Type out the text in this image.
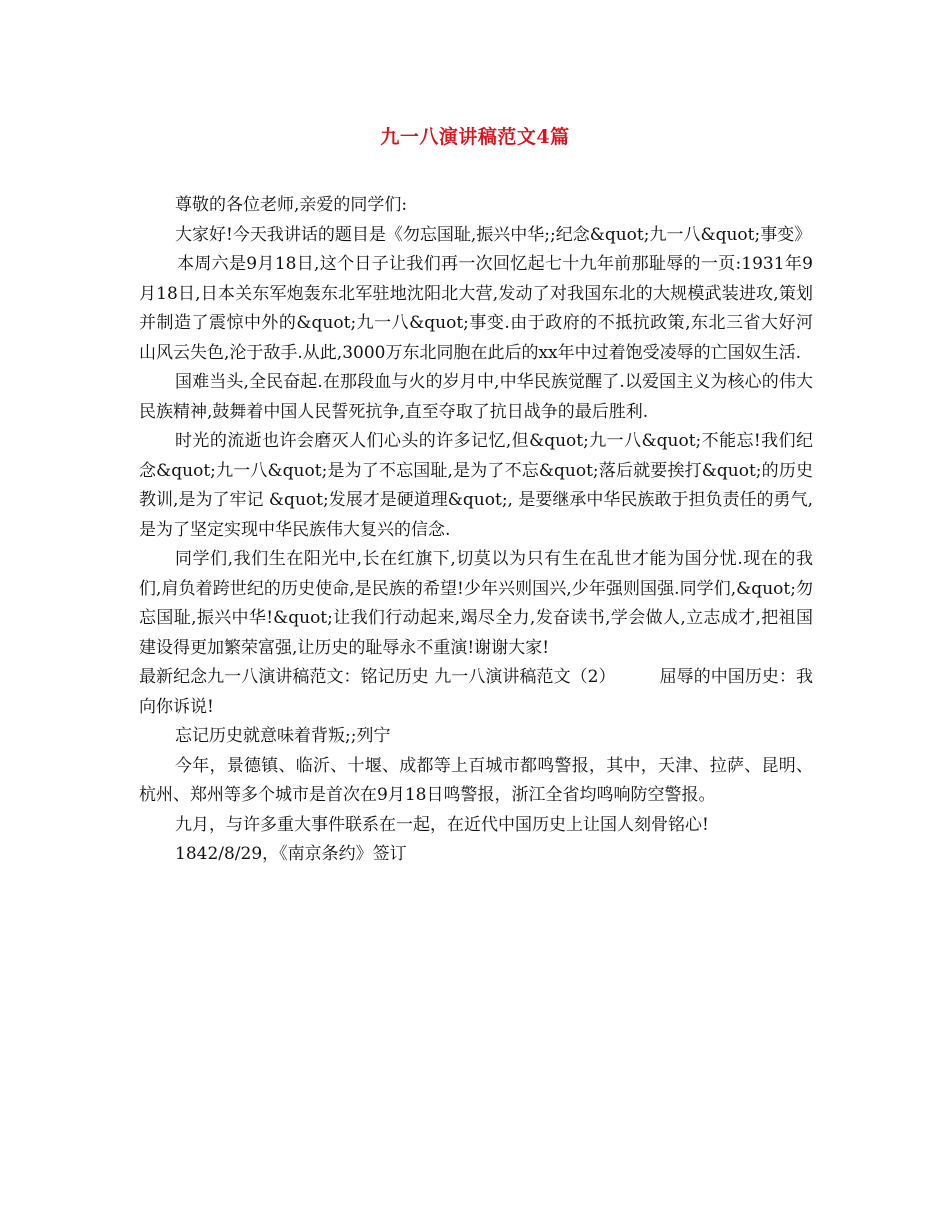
九一八演讲稿范文4篇

尊敬的各位老师,亲爱的同学们:

大家好!今天我讲话的题目是《勿忘国耻,振兴中华;;纪念&quot;九一八&quot;事变》

本周六是9月18日,这个日子让我们再一次回忆起七十九年前那耻辱的一页:1931年9月18日,日本关东军炮轰东北军驻地沈阳北大营,发动了对我国东北的大规模武装进攻,策划并制造了震惊中外的&quot;九一八&quot;事变.由于政府的不抵抗政策,东北三省大好河山风云失色,沦于敌手.从此,3000万东北同胞在此后的xx年中过着饱受凌辱的亡国奴生活.

国难当头,全民奋起.在那段血与火的岁月中,中华民族觉醒了.以爱国主义为核心的伟大民族精神,鼓舞着中国人民誓死抗争,直至夺取了抗日战争的最后胜利.

时光的流逝也许会磨灭人们心头的许多记忆,但&quot;九一八&quot;不能忘!我们纪念&quot;九一八&quot;是为了不忘国耻,是为了不忘&quot;落后就要挨打&quot;的历史教训,是为了牢记 &quot;发展才是硬道理&quot;, 是要继承中华民族敢于担负责任的勇气,是为了坚定实现中华民族伟大复兴的信念.

同学们,我们生在阳光中,长在红旗下,切莫以为只有生在乱世才能为国分忧.现在的我们,肩负着跨世纪的历史使命,是民族的希望!少年兴则国兴,少年强则国强.同学们,&quot;勿忘国耻,振兴中华!&quot;让我们行动起来,竭尽全力,发奋读书,学会做人,立志成才,把祖国建设得更加繁荣富强,让历史的耻辱永不重演!谢谢大家!

最新纪念九一八演讲稿范文：铭记历史 九一八演讲稿范文（2）	屈辱的中国历史：我向你诉说!

忘记历史就意味着背叛;;列宁

今年，景德镇、临沂、十堰、成都等上百城市都鸣警报，其中，天津、拉萨、昆明、杭州、郑州等多个城市是首次在9月18日鸣警报，浙江全省均鸣响防空警报。

九月，与许多重大事件联系在一起，在近代中国历史上让国人刻骨铭心!

1842/8/29，《南京条约》签订
